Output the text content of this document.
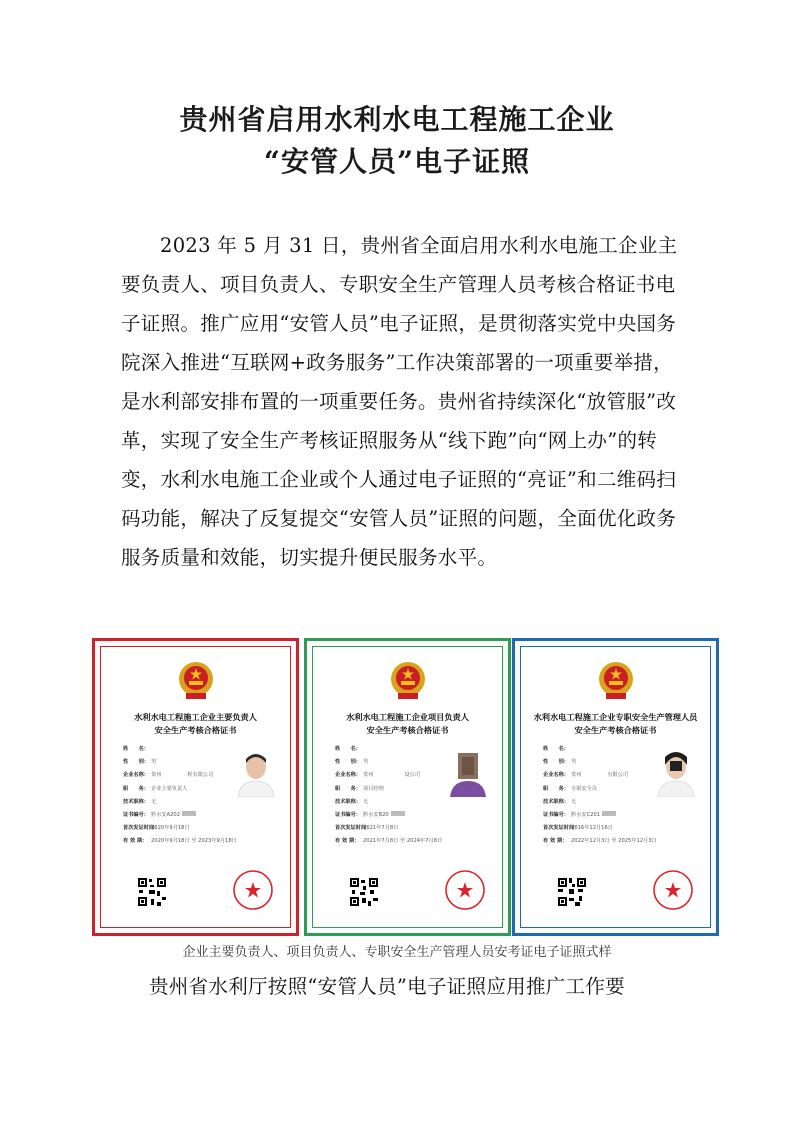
贵州省启用水利水电工程施工企业
“安管人员”电子证照

2023 年 5 月 31 日，贵州省全面启用水利水电施工企业主要负责人、项目负责人、专职安全生产管理人员考核合格证书电子证照。推广应用“安管人员”电子证照，是贯彻落实党中央国务院深入推进“互联网+政务服务”工作决策部署的一项重要举措，是水利部安排布置的一项重要任务。贵州省持续深化“放管服”改革，实现了安全生产考核证照服务从“线下跑”向“网上办”的转变，水利水电施工企业或个人通过电子证照的“亮证”和二维码扫码功能，解决了反复提交“安管人员”证照的问题，全面优化政务服务质量和效能，切实提升便民服务水平。

水利水电工程施工企业主要负责人
安全生产考核合格证书
姓　　名：
性　　别： 男
企业名称： 贵州　　　　　程有限公司
职　　务： 企业主要负责人
技术职称： 无
证书编号： 黔水安A202
首次发证时间：
2020年9月18日
有 效 期： 2020年9月18日 至 2023年9月18日
水利水电工程施工企业项目负责人
安全生产考核合格证书
姓　　名：
性　　别： 男
企业名称： 贵州　　　　　　设公司
职　　务： 项目经理
技术职称： 无
证书编号： 黔水安B20
首次发证时间：
2021年7月8日
有 效 期： 2021年7月8日 至 2024年7月8日
水利水电工程施工企业专职安全生产管理人员
安全生产考核合格证书
姓　　名：
性　　别： 男
企业名称： 贵州　　　　　有限公司
职　　务： 专职安全员
技术职称： 无
证书编号： 黔水安C201
首次发证时间：
2016年12月16日
有 效 期： 2022年12月3日 至 2025年12月3日
企业主要负责人、项目负责人、专职安全生产管理人员安考证电子证照式样

贵州省水利厅按照“安管人员”电子证照应用推广工作要
